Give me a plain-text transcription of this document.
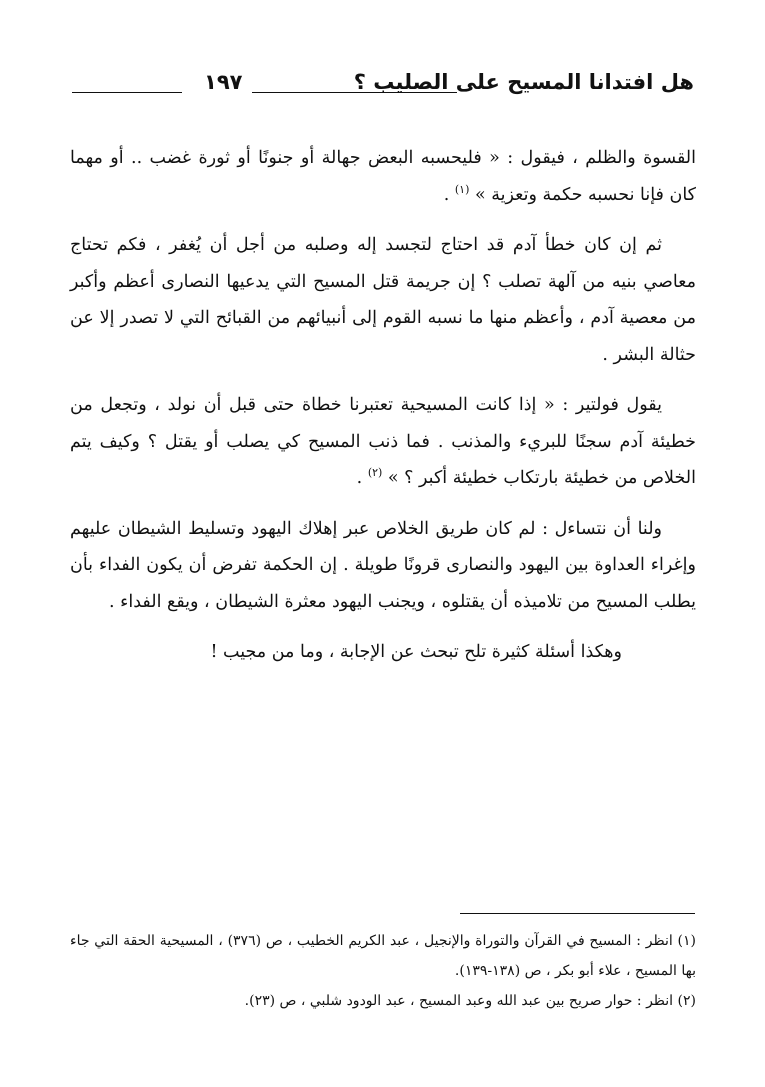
هل افتدانا المسيح على الصليب ؟
١٩٧

القسوة والظلم ، فيقول : « فليحسبه البعض جهالة أو جنونًا أو ثورة غضب .. أو مهما كان فإنا نحسبه حكمة وتعزية » $^{(١)}$ .

ثم إن كان خطأ آدم قد احتاج لتجسد إله وصلبه من أجل أن يُغفر ، فكم تحتاج معاصي بنيه من آلهة تصلب ؟ إن جريمة قتل المسيح التي يدعيها النصارى أعظم وأكبر من معصية آدم ، وأعظم منها ما نسبه القوم إلى أنبيائهم من القبائح التي لا تصدر إلا عن حثالة البشر .

يقول فولتير : « إذا كانت المسيحية تعتبرنا خطاة حتى قبل أن نولد ، وتجعل من خطيئة آدم سجنًا للبريء والمذنب . فما ذنب المسيح كي يصلب أو يقتل ؟ وكيف يتم الخلاص من خطيئة بارتكاب خطيئة أكبر ؟ » $^{(٢)}$ .

ولنا أن نتساءل : لم كان طريق الخلاص عبر إهلاك اليهود وتسليط الشيطان عليهم وإغراء العداوة بين اليهود والنصارى قرونًا طويلة . إن الحكمة تفرض أن يكون الفداء بأن يطلب المسيح من تلاميذه أن يقتلوه ، ويجنب اليهود معثرة الشيطان ، ويقع الفداء .

وهكذا أسئلة كثيرة تلح تبحث عن الإجابة ، وما من مجيب !

(١) انظر : المسيح في القرآن والتوراة والإنجيل ، عبد الكريم الخطيب ، ص (٣٧٦) ، المسيحية الحقة التي جاء بها المسيح ، علاء أبو بكر ، ص (١٣٨-١٣٩).

(٢) انظر : حوار صريح بين عبد الله وعبد المسيح ، عبد الودود شلبي ، ص (٢٣).
